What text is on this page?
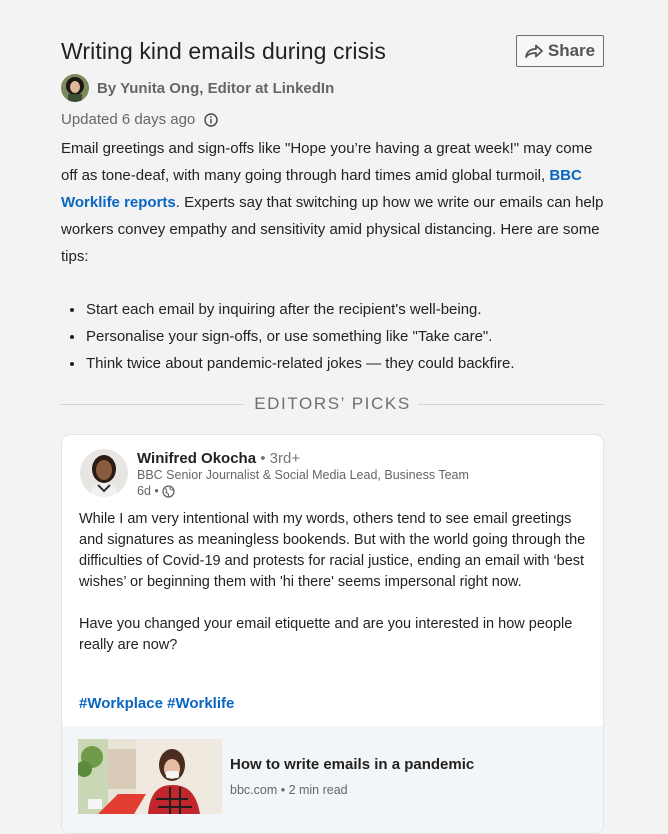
Writing kind emails during crisis	Share
By Yunita Ong, Editor at LinkedIn
Updated 6 days ago
Email greetings and sign-offs like "Hope you’re having a great week!" may come off as tone-deaf, with many going through hard times amid global turmoil, BBC Worklife reports. Experts say that switching up how we write our emails can help workers convey empathy and sensitivity amid physical distancing. Here are some tips:
• Start each email by inquiring after the recipient's well-being.
• Personalise your sign-offs, or use something like "Take care".
• Think twice about pandemic-related jokes — they could backfire.
EDITORS’ PICKS
Winifred Okocha • 3rd+
BBC Senior Journalist & Social Media Lead, Business Team
6d •

While I am very intentional with my words, others tend to see email greetings and signatures as meaningless bookends. But with the world going through the difficulties of Covid-19 and protests for racial justice, ending an email with ‘best wishes’ or beginning them with 'hi there' seems impersonal right now.

Have you changed your email etiquette and are you interested in how people really are now?

#Workplace #Worklife
How to write emails in a pandemic
bbc.com • 2 min read
